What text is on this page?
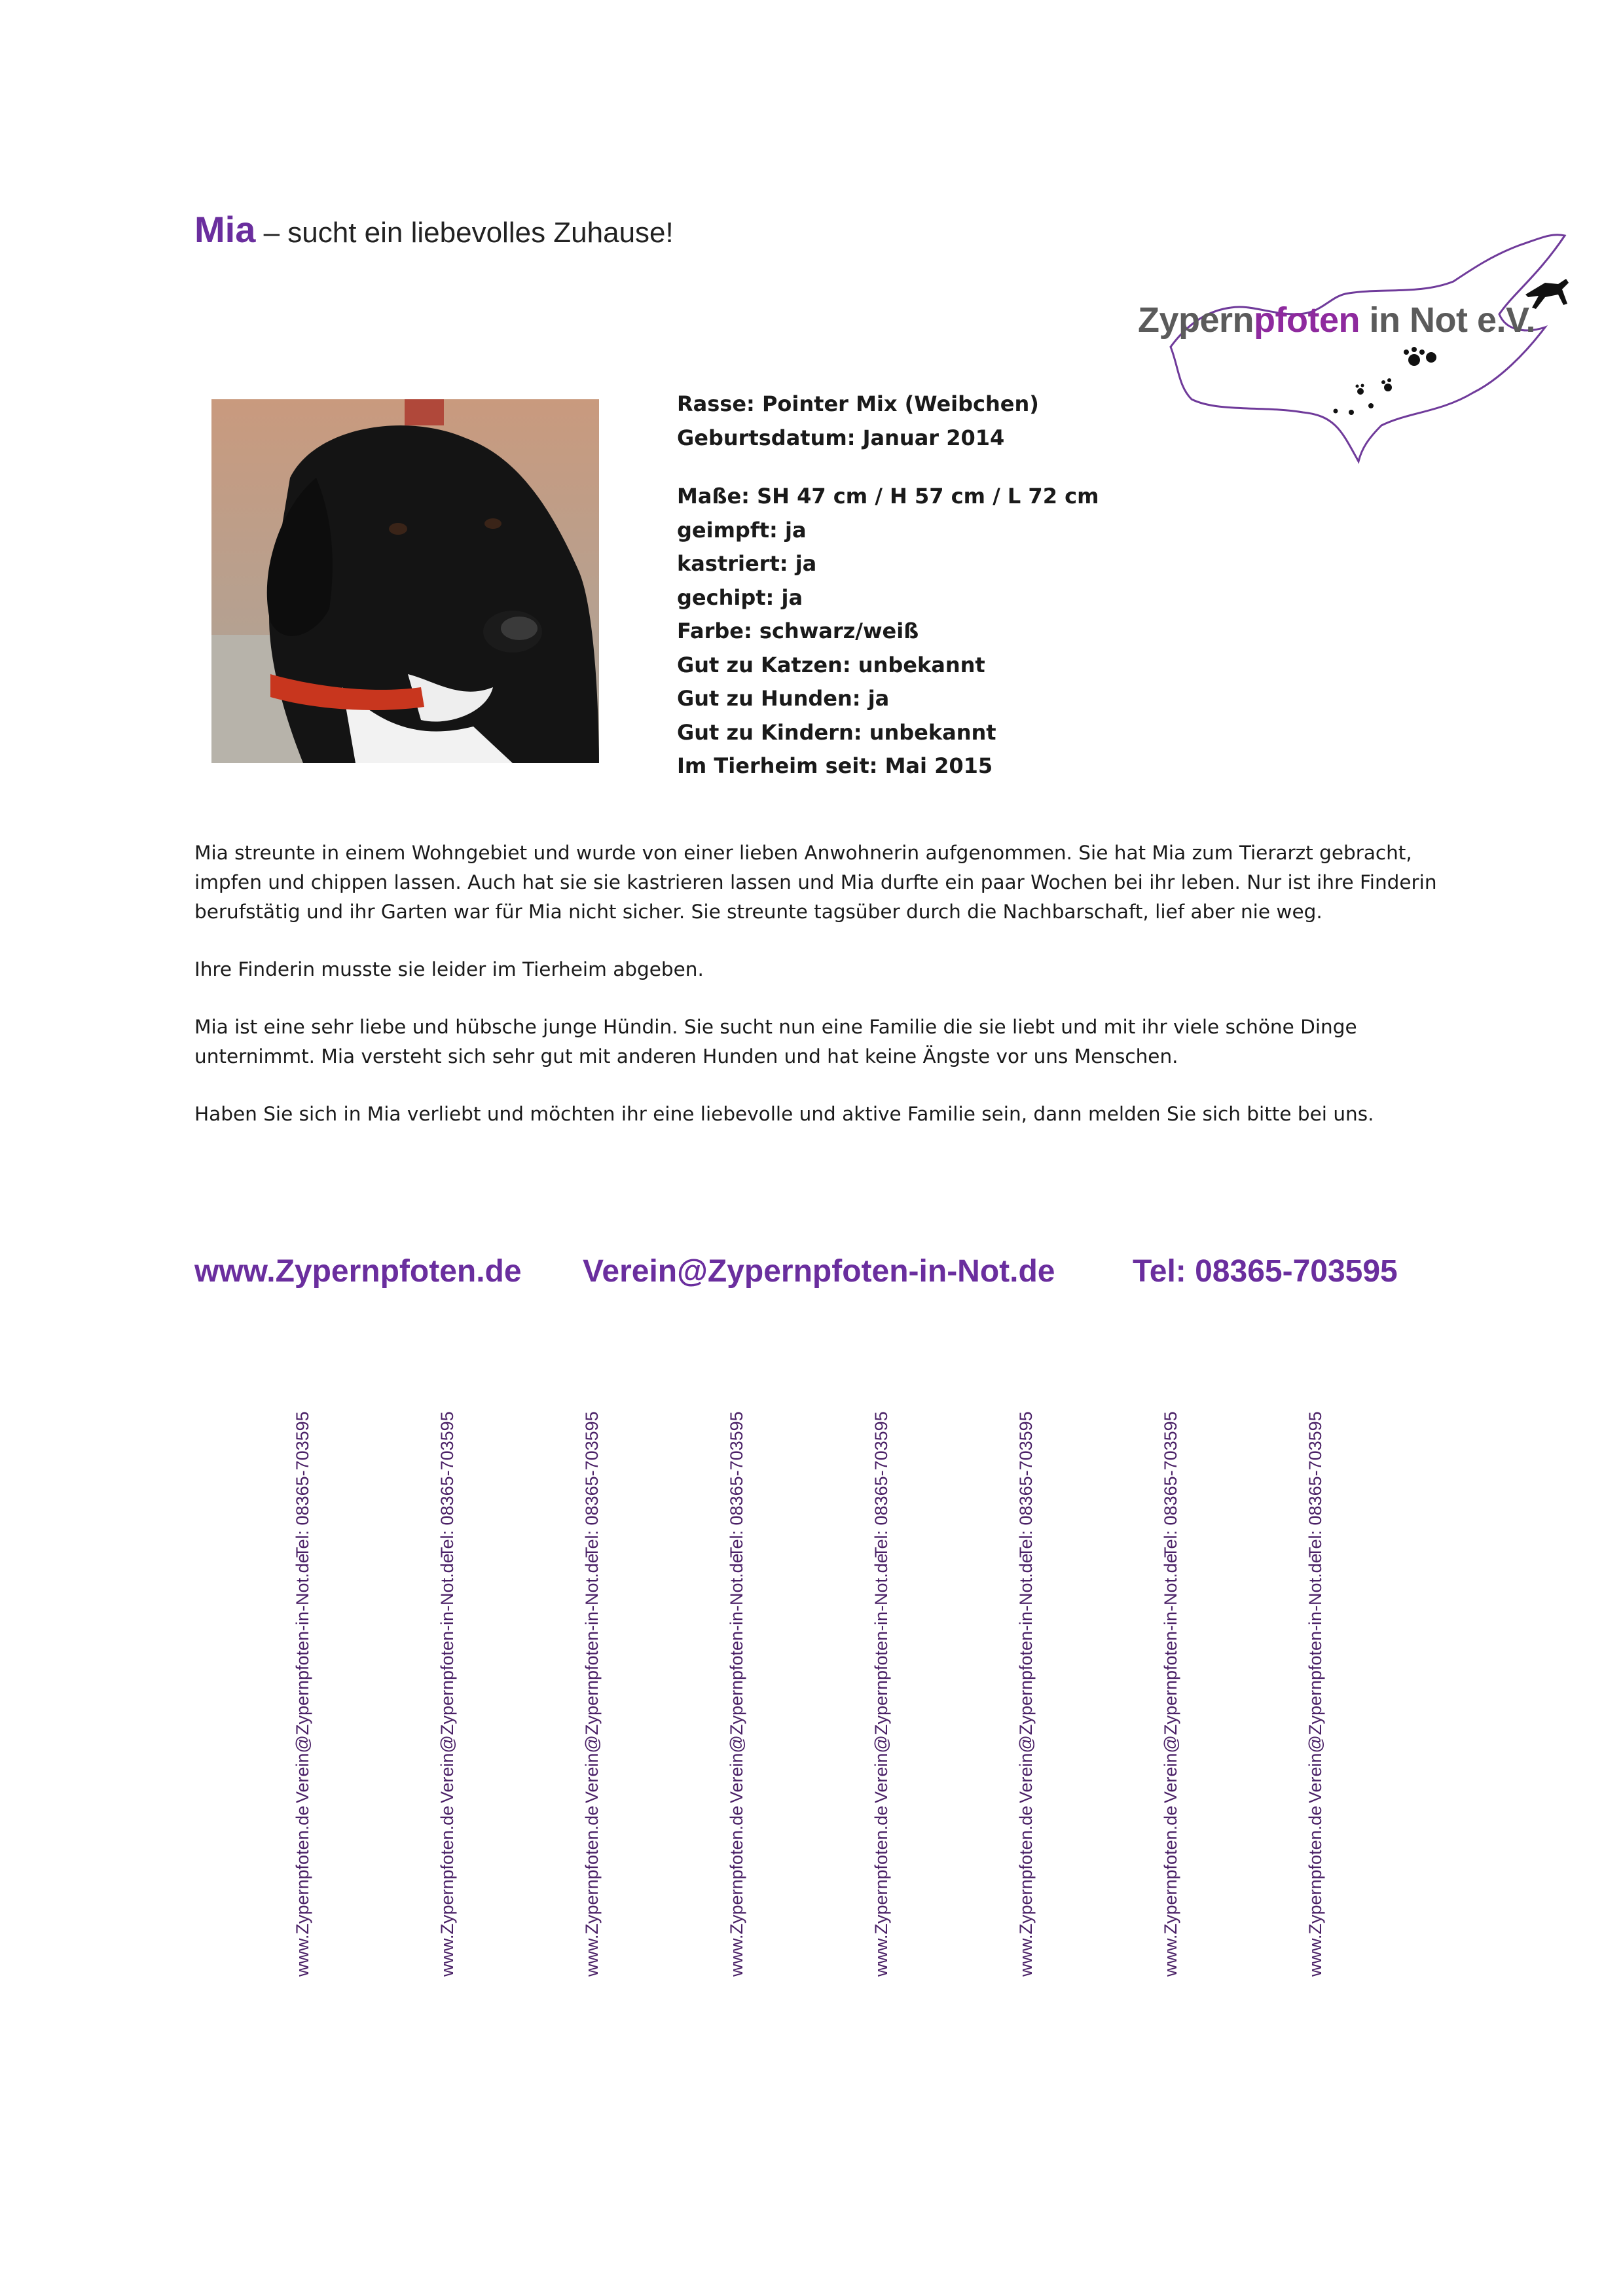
Mia – sucht ein liebevolles Zuhause!
Zypernpfoten in Not e.V.
Rasse: Pointer Mix (Weibchen)
Geburtsdatum: Januar 2014
Maße: SH 47 cm / H 57 cm / L 72 cm
geimpft: ja
kastriert: ja
gechipt: ja
Farbe: schwarz/weiß
Gut zu Katzen: unbekannt
Gut zu Hunden: ja
Gut zu Kindern: unbekannt
Im Tierheim seit: Mai 2015

Mia streunte in einem Wohngebiet und wurde von einer lieben Anwohnerin aufgenommen. Sie hat Mia zum Tierarzt gebracht, impfen und chippen lassen. Auch hat sie sie kastrieren lassen und Mia durfte ein paar Wochen bei ihr leben. Nur ist ihre Finderin berufstätig und ihr Garten war für Mia nicht sicher. Sie streunte tagsüber durch die Nachbarschaft, lief aber nie weg.

Ihre Finderin musste sie leider im Tierheim abgeben.

Mia ist eine sehr liebe und hübsche junge Hündin. Sie sucht nun eine Familie die sie liebt und mit ihr viele schöne Dinge unternimmt. Mia versteht sich sehr gut mit anderen Hunden und hat keine Ängste vor uns Menschen.

Haben Sie sich in Mia verliebt und möchten ihr eine liebevolle und aktive Familie sein, dann melden Sie sich bitte bei uns.

www.Zypernpfoten.de Verein@Zypernpfoten-in-Not.de Tel: 08365-703595
Tel: 08365-703595
Verein@Zypernpfoten-in-Not.de
www.Zypernpfoten.de
Tel: 08365-703595
Verein@Zypernpfoten-in-Not.de
www.Zypernpfoten.de
Tel: 08365-703595
Verein@Zypernpfoten-in-Not.de
www.Zypernpfoten.de
Tel: 08365-703595
Verein@Zypernpfoten-in-Not.de
www.Zypernpfoten.de
Tel: 08365-703595
Verein@Zypernpfoten-in-Not.de
www.Zypernpfoten.de
Tel: 08365-703595
Verein@Zypernpfoten-in-Not.de
www.Zypernpfoten.de
Tel: 08365-703595
Verein@Zypernpfoten-in-Not.de
www.Zypernpfoten.de
Tel: 08365-703595
Verein@Zypernpfoten-in-Not.de
www.Zypernpfoten.de
